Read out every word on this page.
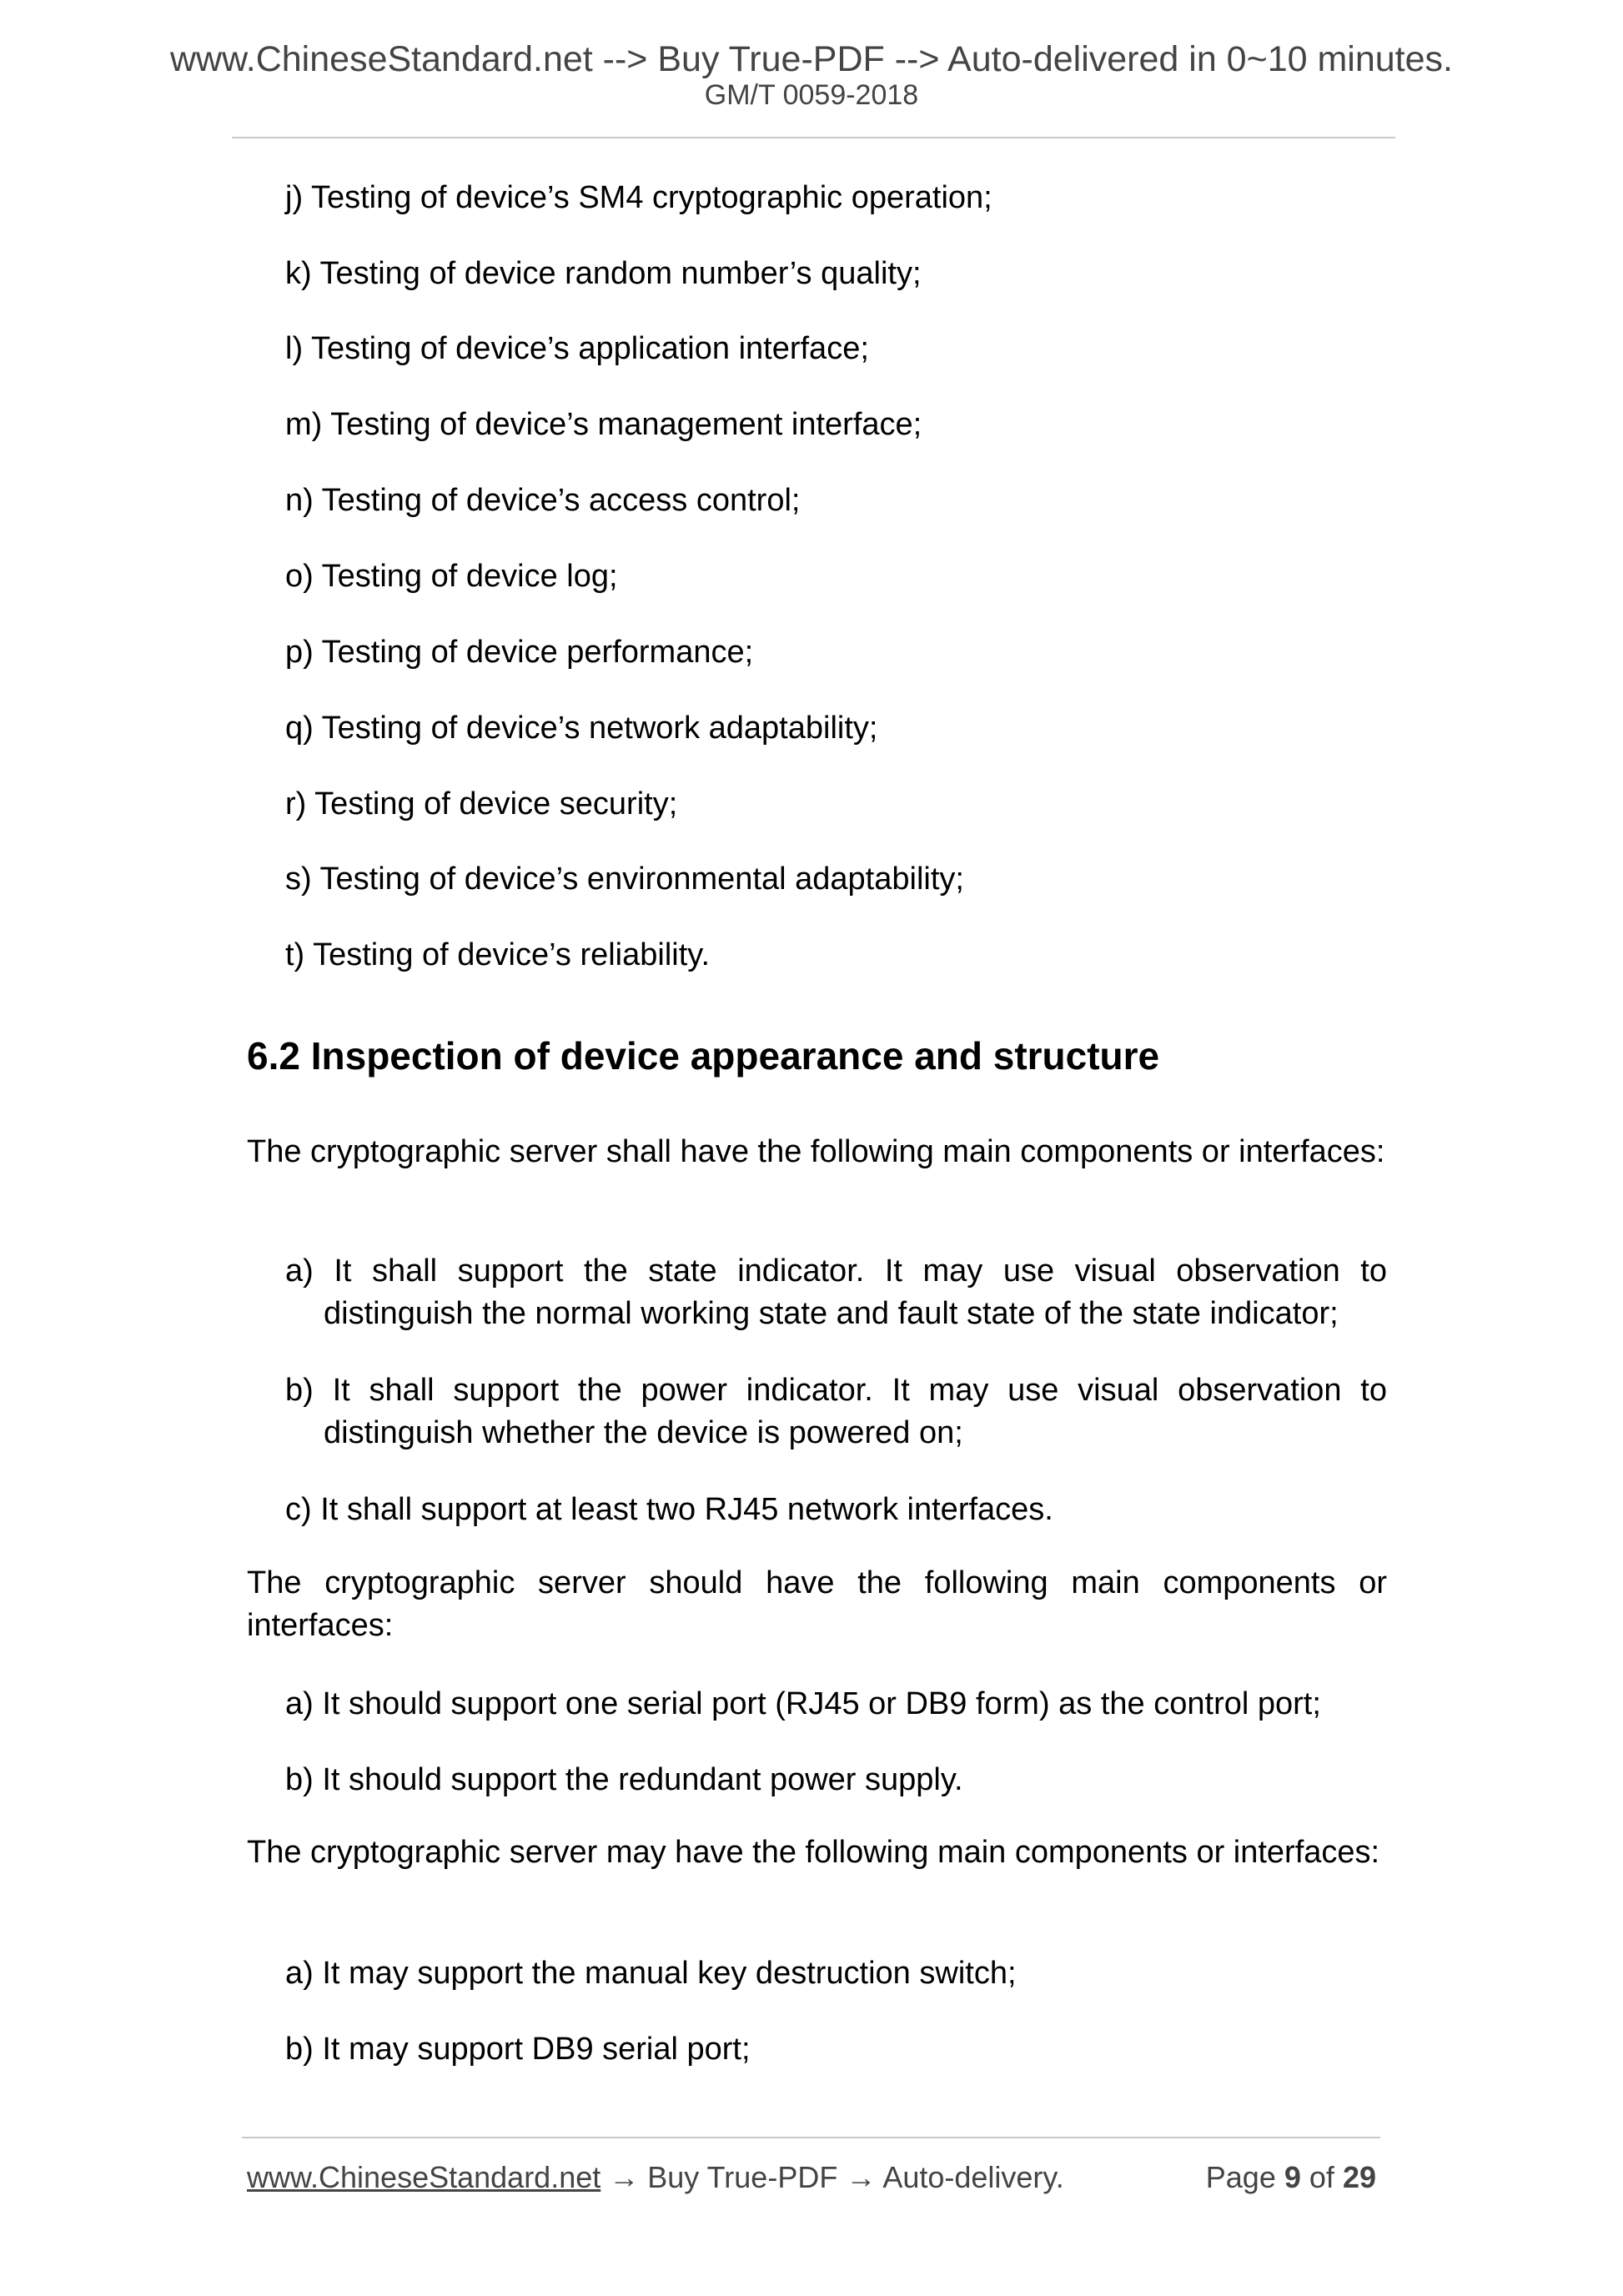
www.ChineseStandard.net --> Buy True-PDF --> Auto-delivered in 0~10 minutes.
GM/T 0059-2018
j) Testing of device’s SM4 cryptographic operation;
k) Testing of device random number’s quality;
l) Testing of device’s application interface;
m) Testing of device’s management interface;
n) Testing of device’s access control;
o) Testing of device log;
p) Testing of device performance;
q) Testing of device’s network adaptability;
r) Testing of device security;
s) Testing of device’s environmental adaptability;
t) Testing of device’s reliability.
6.2 Inspection of device appearance and structure
The cryptographic server shall have the following main components or interfaces:
a) It shall support the state indicator. It may use visual observation to distinguish the normal working state and fault state of the state indicator;
b) It shall support the power indicator. It may use visual observation to distinguish whether the device is powered on;
c) It shall support at least two RJ45 network interfaces.
The cryptographic server should have the following main components or interfaces:
a) It should support one serial port (RJ45 or DB9 form) as the control port;
b) It should support the redundant power supply.
The cryptographic server may have the following main components or interfaces:
a) It may support the manual key destruction switch;
b) It may support DB9 serial port;
www.ChineseStandard.net → Buy True-PDF → Auto-delivery.	Page 9 of 29
